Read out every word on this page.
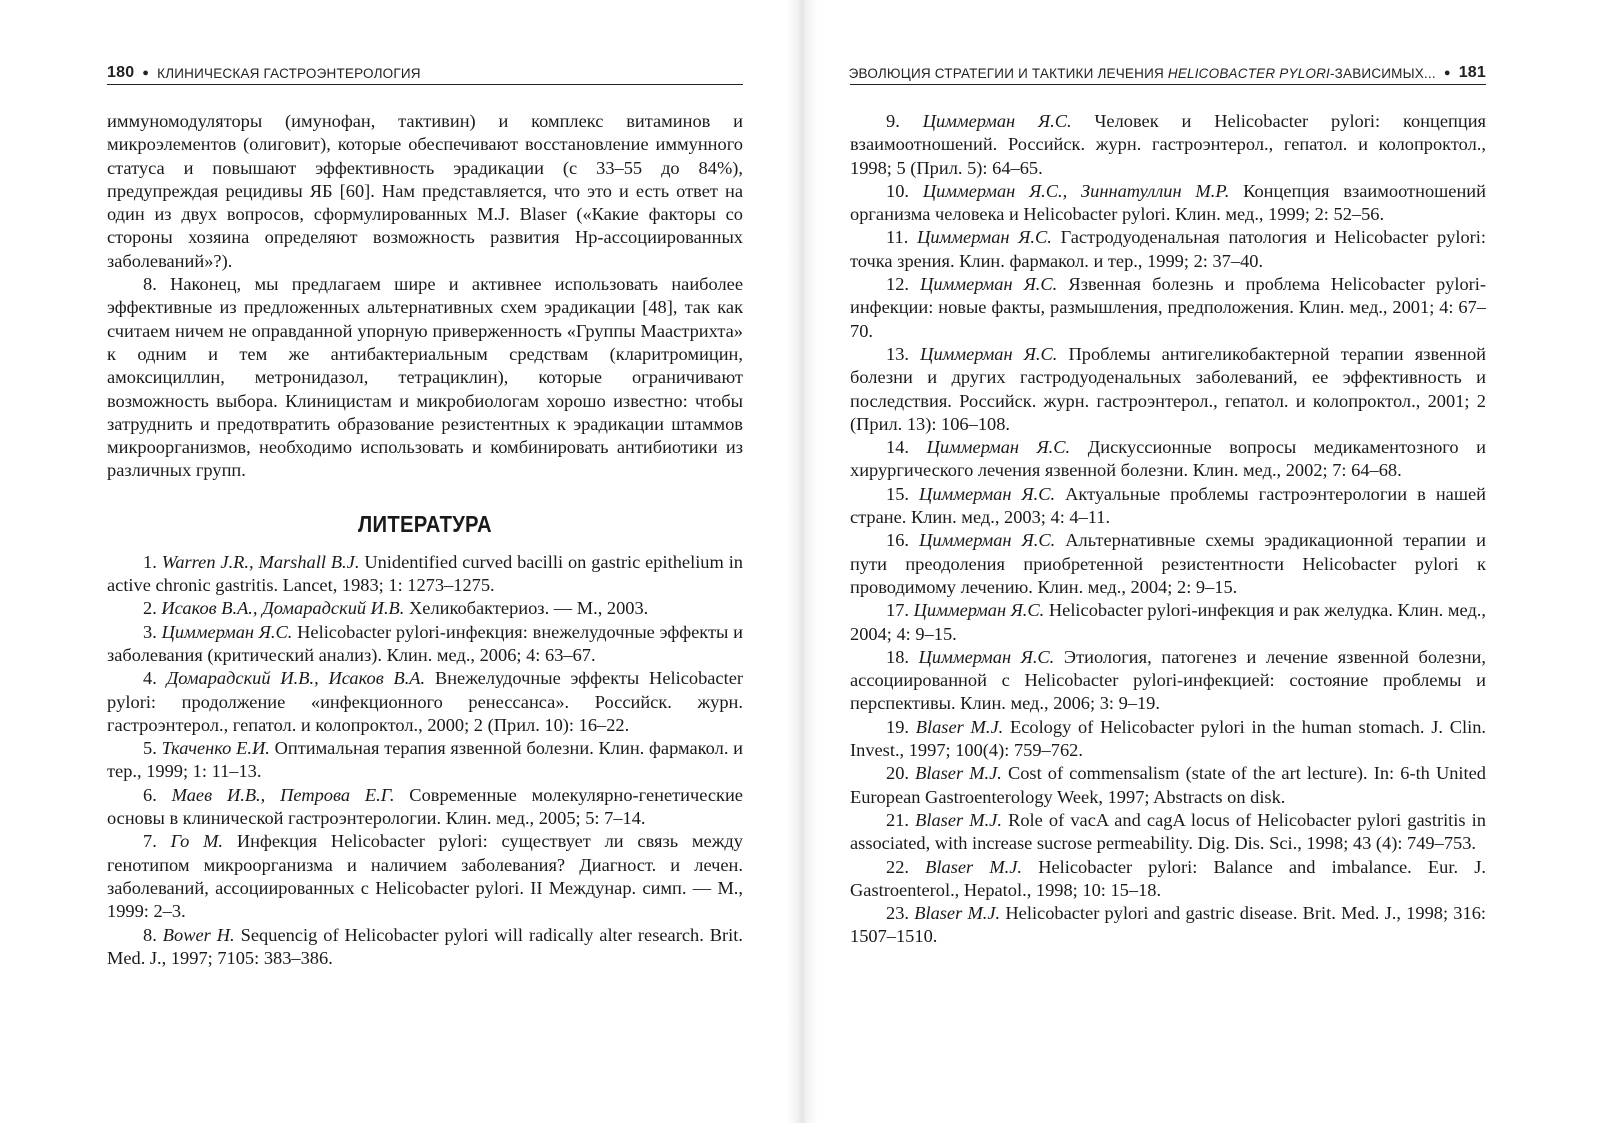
180 ● КЛИНИЧЕСКАЯ ГАСТРОЭНТЕРОЛОГИЯ

иммуномодуляторы (имунофан, тактивин) и комплекс витаминов и микроэлементов (олиговит), которые обеспечивают восстановление иммунного статуса и повышают эффективность эрадикации (с 33–55 до 84%), предупреждая рецидивы ЯБ [60]. Нам представляется, что это и есть ответ на один из двух вопросов, сформулированных M.J. Blaser («Какие факторы со стороны хозяина определяют возможность развития Hp-ассоциированных заболеваний»?).

8. Наконец, мы предлагаем шире и активнее использовать наиболее эффективные из предложенных альтернативных схем эрадикации [48], так как считаем ничем не оправданной упорную приверженность «Группы Маастрихта» к одним и тем же антибактериальным средствам (кларитромицин, амоксициллин, метронидазол, тетрациклин), которые ограничивают возможность выбора. Клиницистам и микробиологам хорошо известно: чтобы затруднить и предотвратить образование резистентных к эрадикации штаммов микроорганизмов, необходимо использовать и комбинировать антибиотики из различных групп.

ЛИТЕРАТУРА

1. Warren J.R., Marshall B.J. Unidentified curved bacilli on gastric epithelium in active chronic gastritis. Lancet, 1983; 1: 1273–1275.

2. Исаков В.А., Домарадский И.В. Хеликобактериоз. — М., 2003.

3. Циммерман Я.С. Helicobacter pylori-инфекция: внежелудочные эффекты и заболевания (критический анализ). Клин. мед., 2006; 4: 63–67.

4. Домарадский И.В., Исаков В.А. Внежелудочные эффекты Helicobacter pylori: продолжение «инфекционного ренессанса». Российск. журн. гастроэнтерол., гепатол. и колопроктол., 2000; 2 (Прил. 10): 16–22.

5. Ткаченко Е.И. Оптимальная терапия язвенной болезни. Клин. фармакол. и тер., 1999; 1: 11–13.

6. Маев И.В., Петрова Е.Г. Современные молекулярно-генетические основы в клинической гастроэнтерологии. Клин. мед., 2005; 5: 7–14.

7. Го М. Инфекция Helicobacter pylori: существует ли связь между генотипом микроорганизма и наличием заболевания? Диагност. и лечен. заболеваний, ассоциированных с Helicobacter pylori. II Междунар. симп. — М., 1999: 2–3.

8. Bower H. Sequencig of Helicobacter pylori will radically alter research. Brit. Med. J., 1997; 7105: 383–386.

ЭВОЛЮЦИЯ СТРАТЕГИИ И ТАКТИКИ ЛЕЧЕНИЯ HELICOBACTER PYLORI-ЗАВИСИМЫХ... ● 181

9. Циммерман Я.С. Человек и Helicobacter pylori: концепция взаимоотношений. Российск. журн. гастроэнтерол., гепатол. и колопроктол., 1998; 5 (Прил. 5): 64–65.

10. Циммерман Я.С., Зиннатуллин М.Р. Концепция взаимоотношений организма человека и Helicobacter pylori. Клин. мед., 1999; 2: 52–56.

11. Циммерман Я.С. Гастродуоденальная патология и Helicobacter pylori: точка зрения. Клин. фармакол. и тер., 1999; 2: 37–40.

12. Циммерман Я.С. Язвенная болезнь и проблема Helicobacter pylori-инфекции: новые факты, размышления, предположения. Клин. мед., 2001; 4: 67–70.

13. Циммерман Я.С. Проблемы антигеликобактерной терапии язвенной болезни и других гастродуоденальных заболеваний, ее эффективность и последствия. Российск. журн. гастроэнтерол., гепатол. и колопроктол., 2001; 2 (Прил. 13): 106–108.

14. Циммерман Я.С. Дискуссионные вопросы медикаментозного и хирургического лечения язвенной болезни. Клин. мед., 2002; 7: 64–68.

15. Циммерман Я.С. Актуальные проблемы гастроэнтерологии в нашей стране. Клин. мед., 2003; 4: 4–11.

16. Циммерман Я.С. Альтернативные схемы эрадикационной терапии и пути преодоления приобретенной резистентности Helicobacter pylori к проводимому лечению. Клин. мед., 2004; 2: 9–15.

17. Циммерман Я.С. Helicobacter pylori-инфекция и рак желудка. Клин. мед., 2004; 4: 9–15.

18. Циммерман Я.С. Этиология, патогенез и лечение язвенной болезни, ассоциированной с Helicobacter pylori-инфекцией: состояние проблемы и перспективы. Клин. мед., 2006; 3: 9–19.

19. Blaser M.J. Ecology of Helicobacter pylori in the human stomach. J. Clin. Invest., 1997; 100(4): 759–762.

20. Blaser M.J. Cost of commensalism (state of the art lecture). In: 6-th United European Gastroenterology Week, 1997; Abstracts on disk.

21. Blaser M.J. Role of vacA and cagA locus of Helicobacter pylori gastritis in associated, with increase sucrose permeability. Dig. Dis. Sci., 1998; 43 (4): 749–753.

22. Blaser M.J. Helicobacter pylori: Balance and imbalance. Eur. J. Gastroenterol., Hepatol., 1998; 10: 15–18.

23. Blaser M.J. Helicobacter pylori and gastric disease. Brit. Med. J., 1998; 316: 1507–1510.
